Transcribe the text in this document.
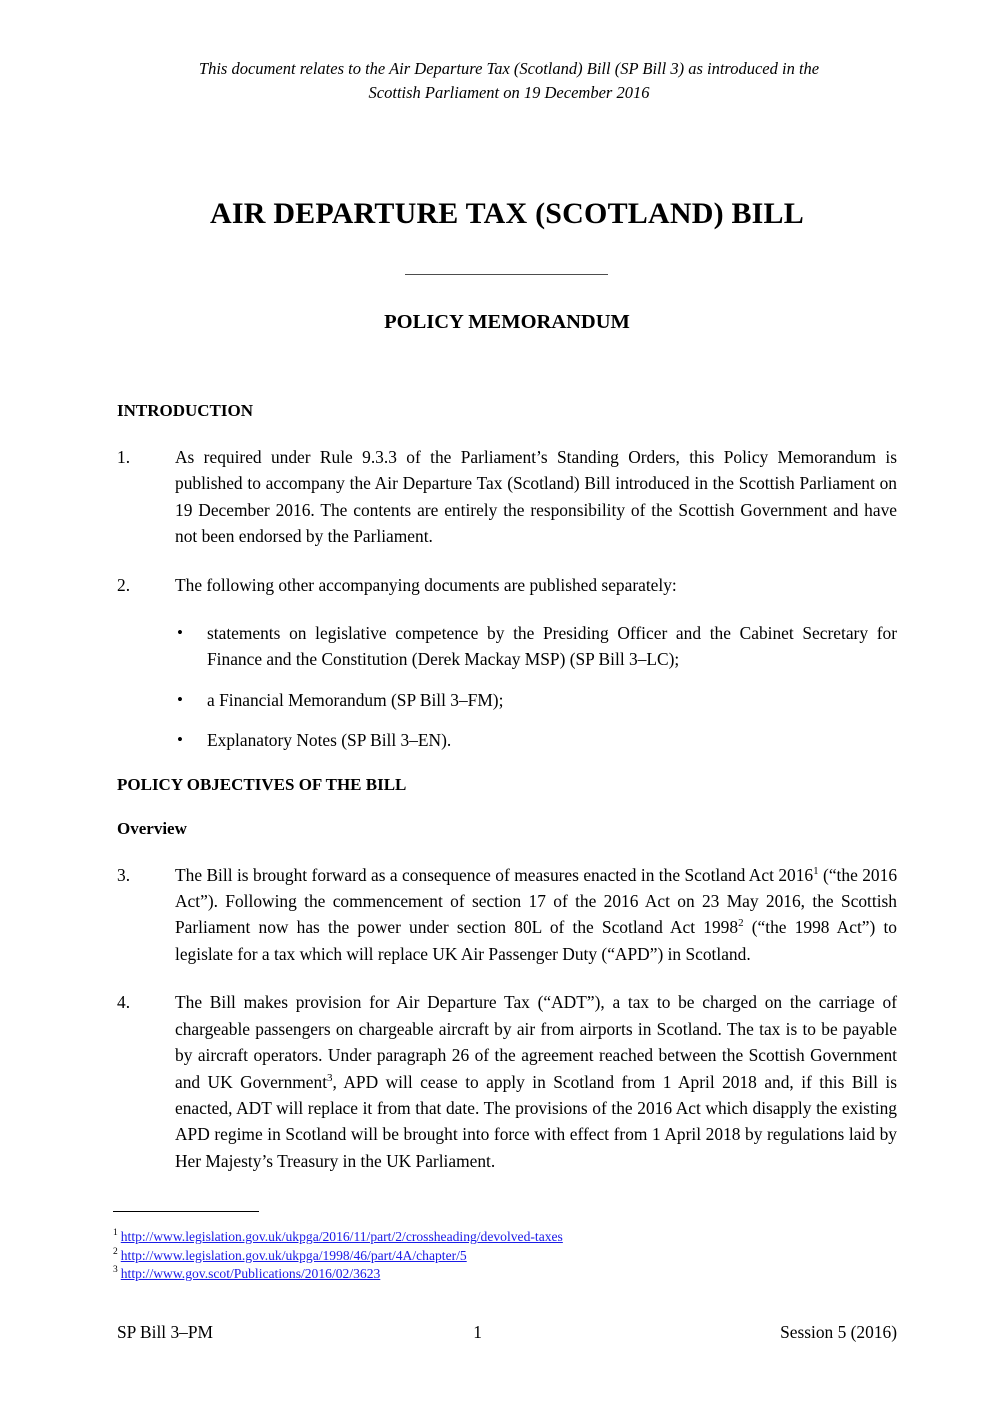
This document relates to the Air Departure Tax (Scotland) Bill (SP Bill 3) as introduced in the
Scottish Parliament on 19 December 2016
AIR DEPARTURE TAX (SCOTLAND) BILL
POLICY MEMORANDUM
INTRODUCTION

1.	As required under Rule 9.3.3 of the Parliament’s Standing Orders, this Policy Memorandum is published to accompany the Air Departure Tax (Scotland) Bill introduced in the Scottish Parliament on 19 December 2016. The contents are entirely the responsibility of the Scottish Government and have not been endorsed by the Parliament.

2.	The following other accompanying documents are published separately:

• statements on legislative competence by the Presiding Officer and the Cabinet Secretary for Finance and the Constitution (Derek Mackay MSP) (SP Bill 3–LC);
• a Financial Memorandum (SP Bill 3–FM);
• Explanatory Notes (SP Bill 3–EN).
POLICY OBJECTIVES OF THE BILL
Overview

3.	The Bill is brought forward as a consequence of measures enacted in the Scotland Act 2016$^1$ (“the 2016 Act”). Following the commencement of section 17 of the 2016 Act on 23 May 2016, the Scottish Parliament now has the power under section 80L of the Scotland Act 1998$^2$ (“the 1998 Act”) to legislate for a tax which will replace UK Air Passenger Duty (“APD”) in Scotland.

4.	The Bill makes provision for Air Departure Tax (“ADT”), a tax to be charged on the carriage of chargeable passengers on chargeable aircraft by air from airports in Scotland. The tax is to be payable by aircraft operators. Under paragraph 26 of the agreement reached between the Scottish Government and UK Government$^3$, APD will cease to apply in Scotland from 1 April 2018 and, if this Bill is enacted, ADT will replace it from that date. The provisions of the 2016 Act which disapply the existing APD regime in Scotland will be brought into force with effect from 1 April 2018 by regulations laid by Her Majesty’s Treasury in the UK Parliament.

$^1$ http://www.legislation.gov.uk/ukpga/2016/11/part/2/crossheading/devolved-taxes
$^2$ http://www.legislation.gov.uk/ukpga/1998/46/part/4A/chapter/5
$^3$ http://www.gov.scot/Publications/2016/02/3623
SP Bill 3–PM	1	Session 5 (2016)
